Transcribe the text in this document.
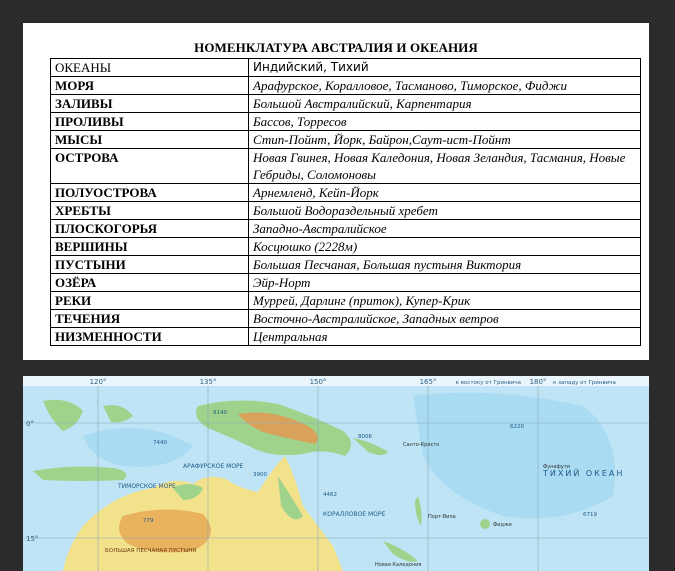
НОМЕНКЛАТУРА АВСТРАЛИЯ И ОКЕАНИЯ
ОКЕАНЫ	Индийский, Тихий
МОРЯ	Арафурское, Коралловое, Тасманово, Тиморское, Фиджи
ЗАЛИВЫ	Большой Австралийский, Карпентария
ПРОЛИВЫ	Бассов, Торресов
МЫСЫ	Стип-Пойнт, Йорк, Байрон,Саут-ист-Пойнт
ОСТРОВА	Новая Гвинея, Новая Каледония, Новая Зеландия, Тасмания, Новые Гебриды, Соломоновы
ПОЛУОСТРОВА	Арнемленд, Кейп-Йорк
ХРЕБТЫ	Большой Водораздельный хребет
ПЛОСКОГОРЬЯ	Западно-Австралийское
ВЕРШИНЫ	Косцюшко (2228м)
ПУСТЫНИ	Большая Песчаная, Большая пустыня Виктория
ОЗЁРА	Эйр-Норт
РЕКИ	Муррей, Дарлинг (приток), Купер-Крик
ТЕЧЕНИЯ	Восточно-Австралийское, Западных ветров
НИЗМЕННОСТИ	Центральная
120°	135°	150°	165°	к востоку от Гринвича 180° к западу от Гринвича
0°
15°
АРАФУРСКОЕ МОРЕ
ТИМОРСКОЕ МОРЕ
КОРАЛЛОВОЕ МОРЕ
БОЛЬШАЯ ПЕСЧАНАЯ ПУСТЫНЯ
ТИХИЙ ОКЕАН
Новая Каледония
Санто-Кристо
Фиджи
Порт-Вила
Фунафути
7440
9140
8006
4462
6220
6719
3900
779
